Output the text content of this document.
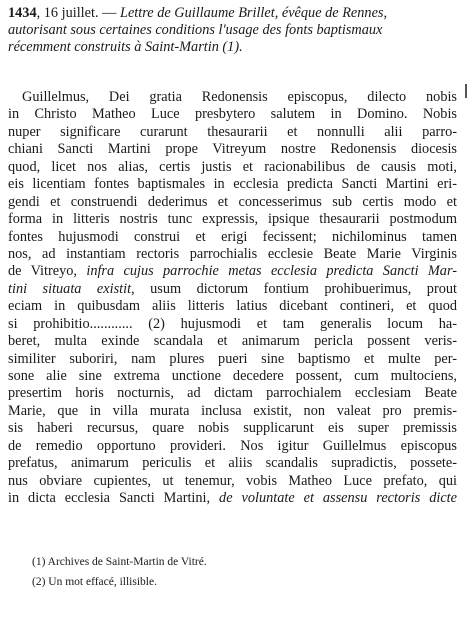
1434, 16 juillet. — Lettre de Guillaume Brillet, évêque de Rennes,
autorisant sous certaines conditions l'usage des fonts baptismaux
récemment construits à Saint-Martin (1).
Guillelmus, Dei gratia Redonensis episcopus, dilecto nobis
in Christo Matheo Luce presbytero salutem in Domino. Nobis
nuper significare curarunt thesaurarii et nonnulli alii parro-
chiani Sancti Martini prope Vitreyum nostre Redonensis diocesis
quod, licet nos alias, certis justis et racionabilibus de causis moti,
eis licentiam fontes baptismales in ecclesia predicta Sancti Martini eri-
gendi et construendi dederimus et concesserimus sub certis modo et
forma in litteris nostris tunc expressis, ipsique thesaurarii postmodum
fontes hujusmodi construi et erigi fecissent; nichilominus tamen
nos, ad instantiam rectoris parrochialis ecclesie Beate Marie Virginis
de Vitreyo, infra cujus parrochie metas ecclesia predicta Sancti Mar-
tini situata existit, usum dictorum fontium prohibuerimus, prout
eciam in quibusdam aliis litteris latius dicebant contineri, et quod
si prohibitio............ (2) hujusmodi et tam generalis locum ha-
beret, multa exinde scandala et animarum pericla possent veris-
similiter suboriri, nam plures pueri sine baptismo et multe per-
sone alie sine extrema unctione decedere possent, cum multociens,
presertim horis nocturnis, ad dictam parrochialem ecclesiam Beate
Marie, que in villa murata inclusa existit, non valeat pro premis-
sis haberi recursus, quare nobis supplicarunt eis super premissis
de remedio opportuno provideri. Nos igitur Guillelmus episcopus
prefatus, animarum periculis et aliis scandalis supradictis, possete-
nus obviare cupientes, ut tenemur, vobis Matheo Luce prefato, qui
in dicta ecclesia Sancti Martini, de voluntate et assensu rectoris dicte
(1) Archives de Saint-Martin de Vitré.
(2) Un mot effacé, illisible.
